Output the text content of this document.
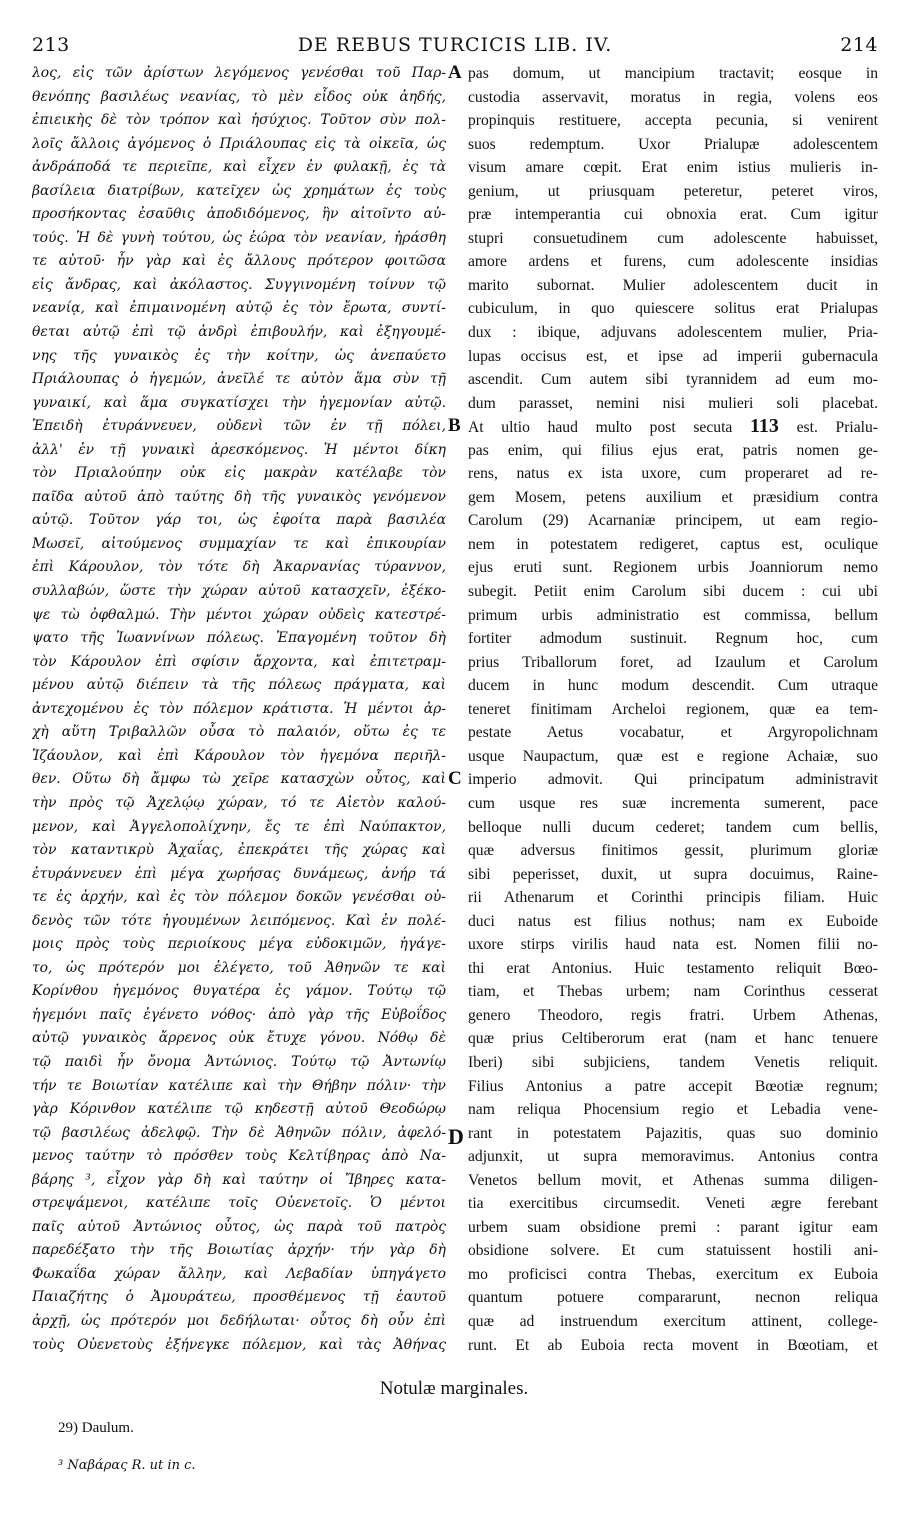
213	DE REBUS TURCICIS LIB. IV.	214
λος, εἰς τῶν ἀρίστων λεγόμενος γενέσθαι τοῦ Παρ-
θενόπης βασιλέως νεανίας, τὸ μὲν εἶδος οὐκ ἀηδής,
ἐπιεικὴς δὲ τὸν τρόπον καὶ ἡσύχιος. Τοῦτον σὺν πολ-
λοῖς ἄλλοις ἀγόμενος ὁ Πριάλουπας εἰς τὰ οἰκεῖα, ὡς
ἀνδράποδά τε περιεῖπε, καὶ εἶχεν ἐν φυλακῇ, ἐς τὰ
βασίλεια διατρίβων, κατεῖχεν ὡς χρημάτων ἐς τοὺς
προσήκοντας ἐσαῦθις ἀποδιδόμενος, ἣν αἰτοῖντο αὐ-
τούς. Ἡ δὲ γυνὴ τούτου, ὡς ἑώρα τὸν νεανίαν, ἠράσθη
τε αὐτοῦ· ἦν γὰρ καὶ ἐς ἄλλους πρότερον φοιτῶσα
εἰς ἄνδρας, καὶ ἀκόλαστος. Συγγινομένη τοίνυν τῷ
νεανίᾳ, καὶ ἐπιμαινομένη αὐτῷ ἐς τὸν ἔρωτα, συντί-
θεται αὐτῷ ἐπὶ τῷ ἀνδρὶ ἐπιβουλήν, καὶ ἐξηγουμέ-
νης τῆς γυναικὸς ἐς τὴν κοίτην, ὡς ἀνεπαύετο
Πριάλουπας ὁ ἡγεμών, ἀνεῖλέ τε αὐτὸν ἅμα σὺν τῇ
γυναικί, καὶ ἅμα συγκατίσχει τὴν ἡγεμονίαν αὐτῷ.
Ἐπειδὴ ἐτυράννευεν, οὐδενὶ τῶν ἐν τῇ πόλει,
ἀλλ' ἐν τῇ γυναικὶ ἀρεσκόμενος. Ἡ μέντοι δίκη
τὸν Πριαλούπην οὐκ εἰς μακρὰν κατέλαβε τὸν
παῖδα αὐτοῦ ἀπὸ ταύτης δὴ τῆς γυναικὸς γενόμενον
αὐτῷ. Τοῦτον γάρ τοι, ὡς ἐφοίτα παρὰ βασιλέα
Μωσεῖ, αἰτούμενος συμμαχίαν τε καὶ ἐπικουρίαν
ἐπὶ Κάρουλον, τὸν τότε δὴ Ἀκαρνανίας τύραννον,
συλλαβών, ὥστε τὴν χώραν αὐτοῦ κατασχεῖν, ἐξέκο-
ψε τὼ ὀφθαλμώ. Τὴν μέντοι χώραν οὐδεὶς κατεστρέ-
ψατο τῆς Ἰωαννίνων πόλεως. Ἐπαγομένη τοῦτον δὴ
τὸν Κάρουλον ἐπὶ σφίσιν ἄρχοντα, καὶ ἐπιτετραμ-
μένου αὐτῷ διέπειν τὰ τῆς πόλεως πράγματα, καὶ
ἀντεχομένου ἐς τὸν πόλεμον κράτιστα. Ἡ μέντοι ἀρ-
χὴ αὕτη Τριβαλλῶν οὖσα τὸ παλαιόν, οὕτω ἐς τε
Ἰζάουλον, καὶ ἐπὶ Κάρουλον τὸν ἡγεμόνα περιῆλ-
θεν. Οὕτω δὴ ἄμφω τὼ χεῖρε κατασχὼν οὗτος, καὶ
τὴν πρὸς τῷ Ἀχελῴῳ χώραν, τό τε Αἰετὸν καλού-
μενον, καὶ Ἀγγελοπολίχνην, ἔς τε ἐπὶ Ναύπακτον,
τὸν καταντικρὺ Ἀχαΐας, ἐπεκράτει τῆς χώρας καὶ
ἐτυράννευεν ἐπὶ μέγα χωρήσας δυνάμεως, ἀνήρ τά
τε ἐς ἀρχήν, καὶ ἐς τὸν πόλεμον δοκῶν γενέσθαι οὐ-
δενὸς τῶν τότε ἡγουμένων λειπόμενος. Καὶ ἐν πολέ-
μοις πρὸς τοὺς περιοίκους μέγα εὐδοκιμῶν, ἠγάγε-
το, ὡς πρότερόν μοι ἐλέγετο, τοῦ Ἀθηνῶν τε καὶ
Κορίνθου ἡγεμόνος θυγατέρα ἐς γάμον. Τούτῳ τῷ
ἡγεμόνι παῖς ἐγένετο νόθος· ἀπὸ γὰρ τῆς Εὐβοΐδος
αὐτῷ γυναικὸς ἄρρενος οὐκ ἔτυχε γόνου. Νόθῳ δὲ
τῷ παιδὶ ἦν ὄνομα Ἀντώνιος. Τούτῳ τῷ Ἀντωνίῳ
τήν τε Βοιωτίαν κατέλιπε καὶ τὴν Θήβην πόλιν· τὴν
γὰρ Κόρινθον κατέλιπε τῷ κηδεστῇ αὐτοῦ Θεοδώρῳ
τῷ βασιλέως ἀδελφῷ. Τὴν δὲ Ἀθηνῶν πόλιν, ἀφελό-
μενος ταύτην τὸ πρόσθεν τοὺς Κελτίβηρας ἀπὸ Να-
βάρης ³, εἶχον γὰρ δὴ καὶ ταύτην οἱ Ἴβηρες κατα-
στρεψάμενοι, κατέλιπε τοῖς Οὐενετοῖς. Ὁ μέντοι
παῖς αὐτοῦ Ἀντώνιος οὗτος, ὡς παρὰ τοῦ πατρὸς
παρεδέξατο τὴν τῆς Βοιωτίας ἀρχήν· τήν γὰρ δὴ
Φωκαΐδα χώραν ἄλλην, καὶ Λεβαδίαν ὑπηγάγετο
Παιαζήτης ὁ Ἀμουράτεω, προσθέμενος τῇ ἑαυτοῦ
ἀρχῇ, ὡς πρότερόν μοι δεδήλωται· οὗτος δὴ οὖν ἐπὶ
τοὺς Οὐενετοὺς ἐξήνεγκε πόλεμον, καὶ τὰς Ἀθήνας
A
B
C
D
pas domum, ut mancipium tractavit; eosque in
custodia asservavit, moratus in regia, volens eos
propinquis restituere, accepta pecunia, si venirent
suos redemptum. Uxor Prialupæ adolescentem
visum amare cœpit. Erat enim istius mulieris in-
genium, ut priusquam peteretur, peteret viros,
præ intemperantia cui obnoxia erat. Cum igitur
stupri consuetudinem cum adolescente habuisset,
amore ardens et furens, cum adolescente insidias
marito subornat. Mulier adolescentem ducit in
cubiculum, in quo quiescere solitus erat Prialupas
dux : ibique, adjuvans adolescentem mulier, Pria-
lupas occisus est, et ipse ad imperii gubernacula
ascendit. Cum autem sibi tyrannidem ad eum mo-
dum parasset, nemini nisi mulieri soli placebat.
At ultio haud multo post secuta 113 est. Prialu-
pas enim, qui filius ejus erat, patris nomen ge-
rens, natus ex ista uxore, cum properaret ad re-
gem Mosem, petens auxilium et præsidium contra
Carolum (29) Acarnaniæ principem, ut eam regio-
nem in potestatem redigeret, captus est, oculique
ejus eruti sunt. Regionem urbis Joanniorum nemo
subegit. Petiit enim Carolum sibi ducem : cui ubi
primum urbis administratio est commissa, bellum
fortiter admodum sustinuit. Regnum hoc, cum
prius Triballorum foret, ad Izaulum et Carolum
ducem in hunc modum descendit. Cum utraque
teneret finitimam Archeloi regionem, quæ ea tem-
pestate Aetus vocabatur, et Argyropolichnam
usque Naupactum, quæ est e regione Achaiæ, suo
imperio admovit. Qui principatum administravit
cum usque res suæ incrementa sumerent, pace
belloque nulli ducum cederet; tandem cum bellis,
quæ adversus finitimos gessit, plurimum gloriæ
sibi peperisset, duxit, ut supra docuimus, Raine-
rii Athenarum et Corinthi principis filiam. Huic
duci natus est filius nothus; nam ex Euboide
uxore stirps virilis haud nata est. Nomen filii no-
thi erat Antonius. Huic testamento reliquit Bœo-
tiam, et Thebas urbem; nam Corinthus cesserat
genero Theodoro, regis fratri. Urbem Athenas,
quæ prius Celtiberorum erat (nam et hanc tenuere
Iberi) sibi subjiciens, tandem Venetis reliquit.
Filius Antonius a patre accepit Bœotiæ regnum;
nam reliqua Phocensium regio et Lebadia vene-
rant in potestatem Pajazitis, quas suo dominio
adjunxit, ut supra memoravimus. Antonius contra
Venetos bellum movit, et Athenas summa diligen-
tia exercitibus circumsedit. Veneti ægre ferebant
urbem suam obsidione premi : parant igitur eam
obsidione solvere. Et cum statuissent hostili ani-
mo proficisci contra Thebas, exercitum ex Euboia
quantum potuere compararunt, necnon reliqua
quæ ad instruendum exercitum attinent, college-
runt. Et ab Euboia recta movent in Bœotiam, et
Notulæ marginales.
29) Daulum.
³ Ναβάρας R. ut in c.
